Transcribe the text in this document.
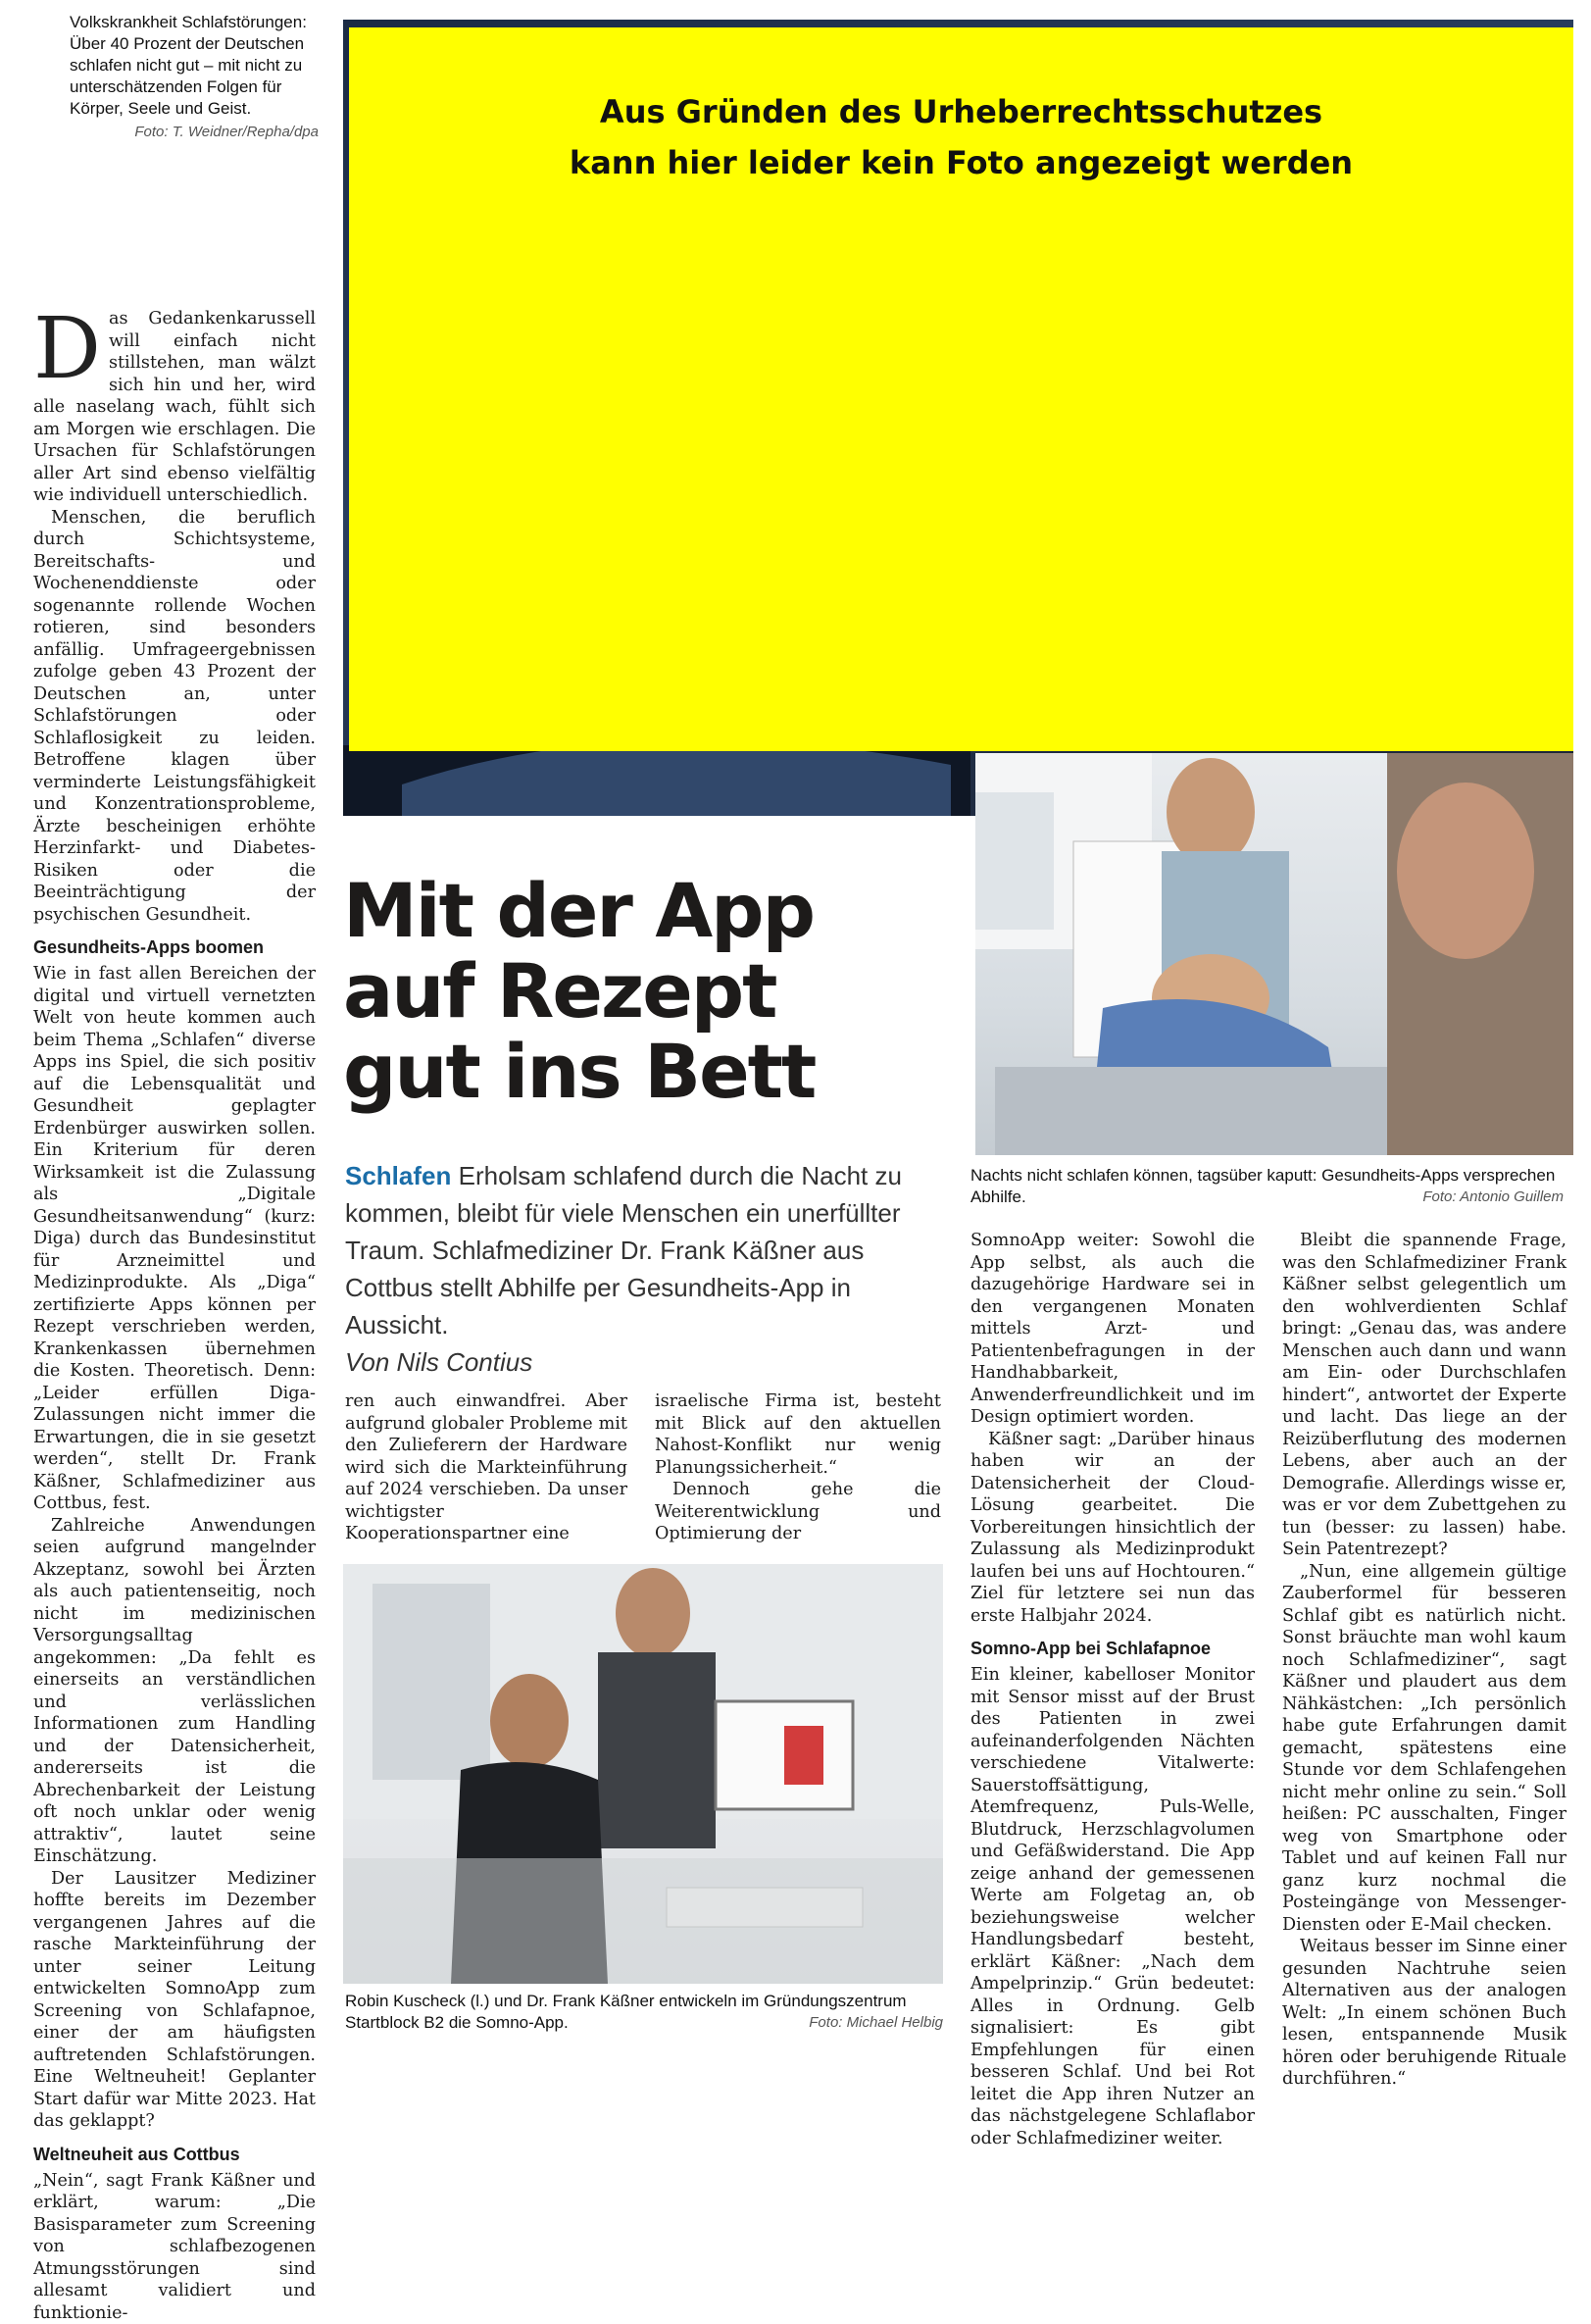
Volkskrankheit Schlafstörungen: Über 40 Prozent der Deutschen schlafen nicht gut – mit nicht zu unterschätzenden Folgen für Körper, Seele und Geist.
Foto: T. Weidner/Repha/dpa
Aus Gründen des Urheberrechtsschutzes
kann hier leider kein Foto angezeigt werden

Das Gedankenkarussell will einfach nicht stillstehen, man wälzt sich hin und her, wird alle naselang wach, fühlt sich am Morgen wie erschlagen. Die Ursachen für Schlafstörungen aller Art sind ebenso vielfältig wie individuell unterschiedlich.

Menschen, die beruflich durch Schichtsysteme, Bereitschafts- und Wochenenddienste oder sogenannte rollende Wochen rotieren, sind besonders anfällig. Umfrageergebnissen zufolge geben 43 Prozent der Deutschen an, unter Schlafstörungen oder Schlaflosigkeit zu leiden. Betroffene klagen über verminderte Leistungsfähigkeit und Konzentrationsprobleme, Ärzte bescheinigen erhöhte Herzinfarkt- und Diabetes-Risiken oder die Beeinträchtigung der psychischen Gesundheit.

Gesundheits-Apps boomen

Wie in fast allen Bereichen der digital und virtuell vernetzten Welt von heute kommen auch beim Thema „Schlafen“ diverse Apps ins Spiel, die sich positiv auf die Lebensqualität und Gesundheit geplagter Erdenbürger auswirken sollen. Ein Kriterium für deren Wirksamkeit ist die Zulassung als „Digitale Gesundheitsanwendung“ (kurz: Diga) durch das Bundesinstitut für Arzneimittel und Medizinprodukte. Als „Diga“ zertifizierte Apps können per Rezept verschrieben werden, Krankenkassen übernehmen die Kosten. Theoretisch. Denn: „Leider erfüllen Diga-Zulassungen nicht immer die Erwartungen, die in sie gesetzt werden“, stellt Dr. Frank Käßner, Schlafmediziner aus Cottbus, fest.

Zahlreiche Anwendungen seien aufgrund mangelnder Akzeptanz, sowohl bei Ärzten als auch patientenseitig, noch nicht im medizinischen Versorgungsalltag angekommen: „Da fehlt es einerseits an verständlichen und verlässlichen Informationen zum Handling und der Datensicherheit, andererseits ist die Abrechenbarkeit der Leistung oft noch unklar oder wenig attraktiv“, lautet seine Einschätzung.

Der Lausitzer Mediziner hoffte bereits im Dezember vergangenen Jahres auf die rasche Markteinführung der unter seiner Leitung entwickelten SomnoApp zum Screening von Schlafapnoe, einer der am häufigsten auftretenden Schlafstörungen. Eine Weltneuheit! Geplanter Start dafür war Mitte 2023. Hat das geklappt?

Weltneuheit aus Cottbus

„Nein“, sagt Frank Käßner und erklärt, warum: „Die Basisparameter zum Screening von schlafbezogenen Atmungsstörungen sind allesamt validiert und funktionie-

Nachts nicht schlafen können, tagsüber kaputt: Gesundheits-Apps versprechen Abhilfe.	Foto: Antonio Guillem
Mit der App
auf Rezept
gut ins Bett
Schlafen Erholsam schlafend durch die Nacht zu kommen, bleibt für viele Menschen ein unerfüllter Traum. Schlafmediziner Dr. Frank Käßner aus Cottbus stellt Abhilfe per Gesundheits-App in Aussicht.
Von Nils Contius

ren auch einwandfrei. Aber aufgrund globaler Probleme mit den Zulieferern der Hardware wird sich die Markteinführung auf 2024 verschieben. Da unser wichtigster Kooperationspartner eine

israelische Firma ist, besteht mit Blick auf den aktuellen Nahost-Konflikt nur wenig Planungssicherheit.“

Dennoch gehe die Weiterentwicklung und Optimierung der

Robin Kuscheck (l.) und Dr. Frank Käßner entwickeln im Gründungszentrum Startblock B2 die Somno-App.	Foto: Michael Helbig

SomnoApp weiter: Sowohl die App selbst, als auch die dazugehörige Hardware sei in den vergangenen Monaten mittels Arzt- und Patientenbefragungen in der Handhabbarkeit, Anwenderfreundlichkeit und im Design optimiert worden.

Käßner sagt: „Darüber hinaus haben wir an der Datensicherheit der Cloud-Lösung gearbeitet. Die Vorbereitungen hinsichtlich der Zulassung als Medizinprodukt laufen bei uns auf Hochtouren.“ Ziel für letztere sei nun das erste Halbjahr 2024.

Somno-App bei Schlafapnoe

Ein kleiner, kabelloser Monitor mit Sensor misst auf der Brust des Patienten in zwei aufeinanderfolgenden Nächten verschiedene Vitalwerte: Sauerstoffsättigung, Atemfrequenz, Puls-Welle, Blutdruck, Herzschlagvolumen und Gefäßwiderstand. Die App zeige anhand der gemessenen Werte am Folgetag an, ob beziehungsweise welcher Handlungsbedarf besteht, erklärt Käßner: „Nach dem Ampelprinzip.“ Grün bedeutet: Alles in Ordnung. Gelb signalisiert: Es gibt Empfehlungen für einen besseren Schlaf. Und bei Rot leitet die App ihren Nutzer an das nächstgelegene Schlaflabor oder Schlafmediziner weiter.

Bleibt die spannende Frage, was den Schlafmediziner Frank Käßner selbst gelegentlich um den wohlverdienten Schlaf bringt: „Genau das, was andere Menschen auch dann und wann am Ein- oder Durchschlafen hindert“, antwortet der Experte und lacht. Das liege an der Reizüberflutung des modernen Lebens, aber auch an der Demografie. Allerdings wisse er, was er vor dem Zubettgehen zu tun (besser: zu lassen) habe. Sein Patentrezept?

„Nun, eine allgemein gültige Zauberformel für besseren Schlaf gibt es natürlich nicht. Sonst bräuchte man wohl kaum noch Schlafmediziner“, sagt Käßner und plaudert aus dem Nähkästchen: „Ich persönlich habe gute Erfahrungen damit gemacht, spätestens eine Stunde vor dem Schlafengehen nicht mehr online zu sein.“ Soll heißen: PC ausschalten, Finger weg von Smartphone oder Tablet und auf keinen Fall nur ganz kurz nochmal die Posteingänge von Messenger-Diensten oder E-Mail checken.

Weitaus besser im Sinne einer gesunden Nachtruhe seien Alternativen aus der analogen Welt: „In einem schönen Buch lesen, entspannende Musik hören oder beruhigende Rituale durchführen.“
